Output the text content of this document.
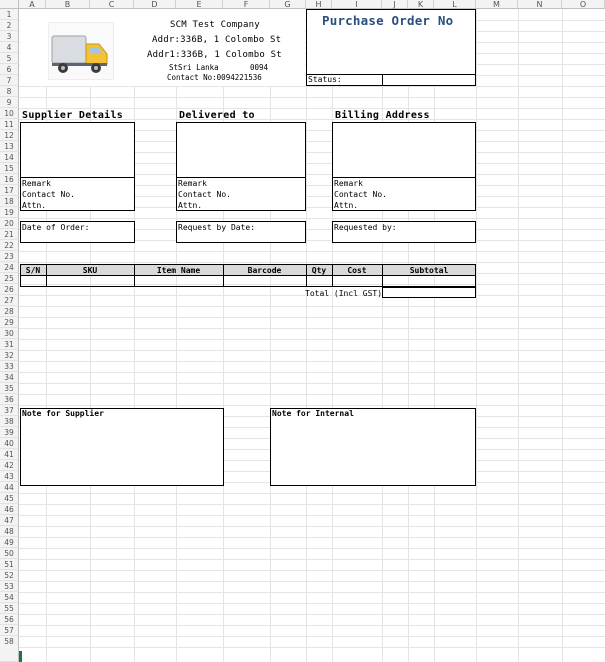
A	B	C	D	E	F	G	H	I	J	K	L	M	N	O
1
2
3
4
5
6
7
8
9
10
11
12
13
14
15
16
17
18
19
20
21
22
23
24
25
26
27
28
29
30
31
32
33
34
35
36
37
38
39
40
41
42
43
44
45
46
47
48
49
50
51
52
53
54
55
56
57
58
SCM Test Company
Addr:336B, 1 Colombo St
Addr1:336B, 1 Colombo St
StSri Lanka	0094
Contact No:0094221536
Purchase Order No
Status:
Supplier Details	Delivered to	Billing Address
Remark
Contact No.
Attn.
Remark
Contact No.
Attn.
Remark
Contact No.
Attn.
Date of Order:	Request by Date:	Requested by:
S/N	SKU	Item Name	Barcode	Qty	Cost	Subtotal
Total (Incl GST)
Note for Supplier	Note for Internal
